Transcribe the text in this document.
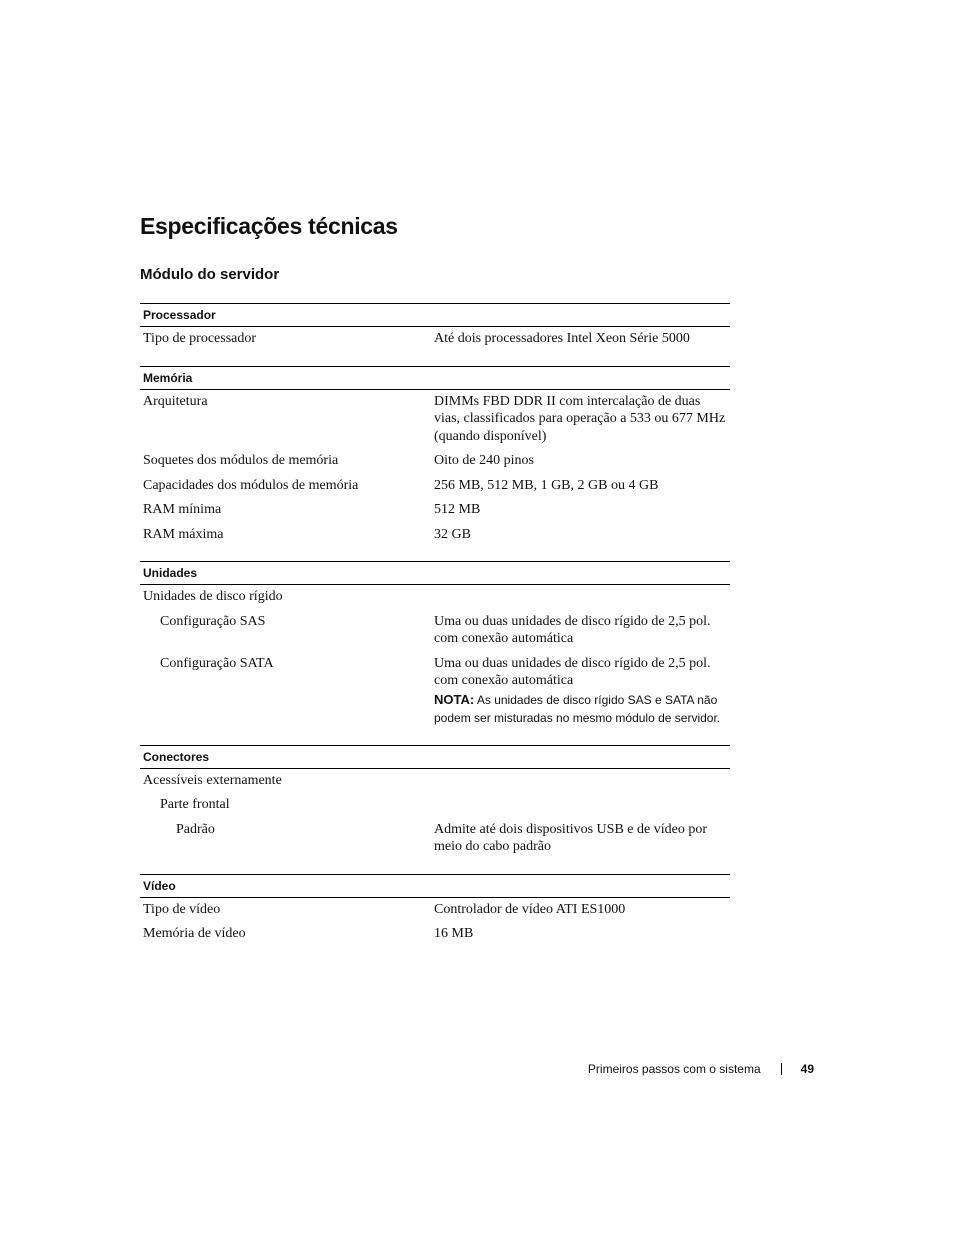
Especificações técnicas
Módulo do servidor
Processador
Tipo de processador	Até dois processadores Intel Xeon Série 5000
Memória
Arquitetura	DIMMs FBD DDR II com intercalação de duas vias, classificados para operação a 533 ou 677 MHz (quando disponível)
Soquetes dos módulos de memória	Oito de 240 pinos
Capacidades dos módulos de memória	256 MB, 512 MB, 1 GB, 2 GB ou 4 GB
RAM mínima	512 MB
RAM máxima	32 GB
Unidades
Unidades de disco rígido
Configuração SAS	Uma ou duas unidades de disco rígido de 2,5 pol. com conexão automática
Configuração SATA	Uma ou duas unidades de disco rígido de 2,5 pol. com conexão automática
NOTA: As unidades de disco rígido SAS e SATA não podem ser misturadas no mesmo módulo de servidor.
Conectores
Acessíveis externamente
Parte frontal
Padrão	Admite até dois dispositivos USB e de vídeo por meio do cabo padrão
Vídeo
Tipo de vídeo	Controlador de vídeo ATI ES1000
Memória de vídeo	16 MB
Primeiros passos com o sistema	49
